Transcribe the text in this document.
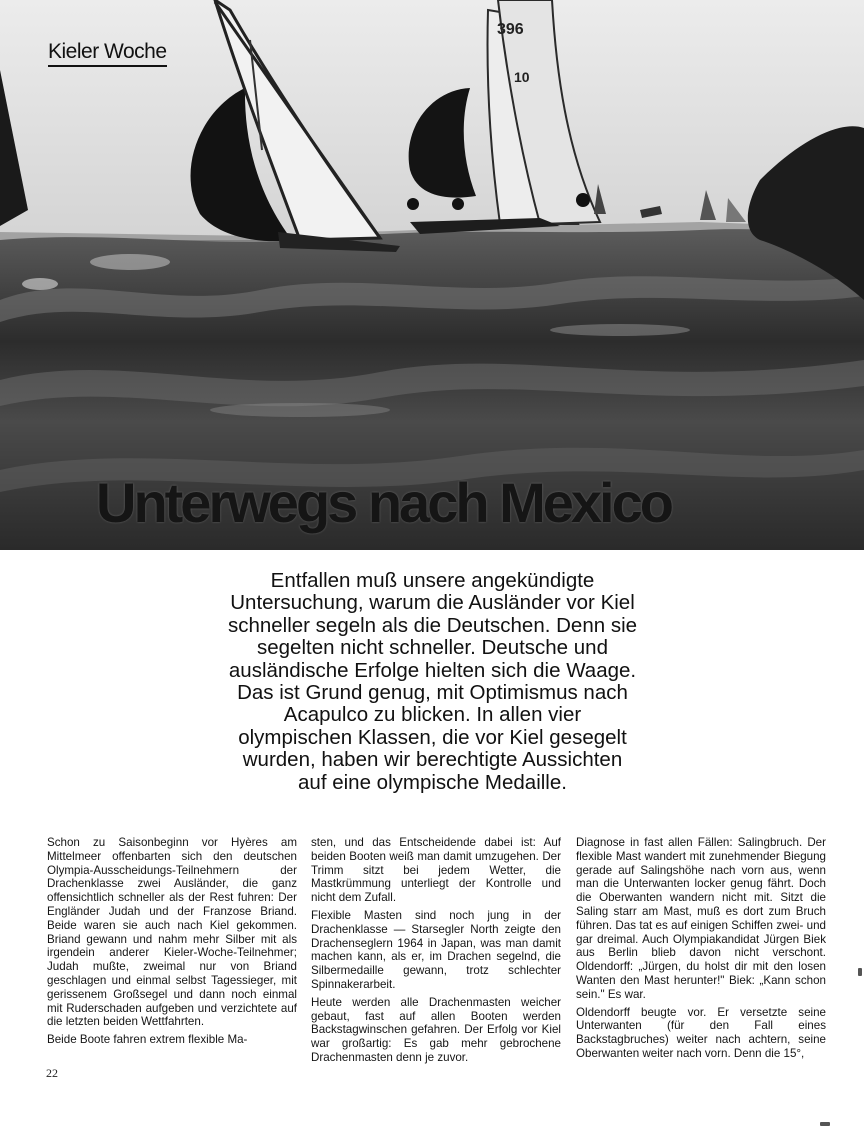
396
10
Kieler Woche
Unterwegs nach Mexico
Entfallen muß unsere angekündigte
Untersuchung, warum die Ausländer vor Kiel
schneller segeln als die Deutschen. Denn sie
segelten nicht schneller. Deutsche und
ausländische Erfolge hielten sich die Waage.
Das ist Grund genug, mit Optimismus nach
Acapulco zu blicken. In allen vier
olympischen Klassen, die vor Kiel gesegelt
wurden, haben wir berechtigte Aussichten
auf eine olympische Medaille.

Schon zu Saisonbeginn vor Hyères am Mittelmeer offenbarten sich den deutschen Olympia-Ausscheidungs-Teilnehmern der Drachenklasse zwei Ausländer, die ganz offensichtlich schneller als der Rest fuhren: Der Engländer Judah und der Franzose Briand. Beide waren sie auch nach Kiel gekommen. Briand gewann und nahm mehr Silber mit als irgendein anderer Kieler-Woche-Teilnehmer; Judah mußte, zweimal nur von Briand geschlagen und einmal selbst Tagessieger, mit gerissenem Großsegel und dann noch einmal mit Ruderschaden aufgeben und verzichtete auf die letzten beiden Wettfahrten.

Beide Boote fahren extrem flexible Ma-

sten, und das Entscheidende dabei ist: Auf beiden Booten weiß man damit umzugehen. Der Trimm sitzt bei jedem Wetter, die Mastkrümmung unterliegt der Kontrolle und nicht dem Zufall.

Flexible Masten sind noch jung in der Drachenklasse — Starsegler North zeigte den Drachenseglern 1964 in Japan, was man damit machen kann, als er, im Drachen segelnd, die Silbermedaille gewann, trotz schlechter Spinnakerarbeit.

Heute werden alle Drachenmasten weicher gebaut, fast auf allen Booten werden Backstagwinschen gefahren. Der Erfolg vor Kiel war großartig: Es gab mehr gebrochene Drachenmasten denn je zuvor.

Diagnose in fast allen Fällen: Salingbruch. Der flexible Mast wandert mit zunehmender Biegung gerade auf Salingshöhe nach vorn aus, wenn man die Unterwanten locker genug fährt. Doch die Oberwanten wandern nicht mit. Sitzt die Saling starr am Mast, muß es dort zum Bruch führen. Das tat es auf einigen Schiffen zwei- und gar dreimal. Auch Olympiakandidat Jürgen Biek aus Berlin blieb davon nicht verschont. Oldendorff: „Jürgen, du holst dir mit den losen Wanten den Mast herunter!" Biek: „Kann schon sein." Es war.

Oldendorff beugte vor. Er versetzte seine Unterwanten (für den Fall eines Backstagbruches) weiter nach achtern, seine Oberwanten weiter nach vorn. Denn die 15°,

22
